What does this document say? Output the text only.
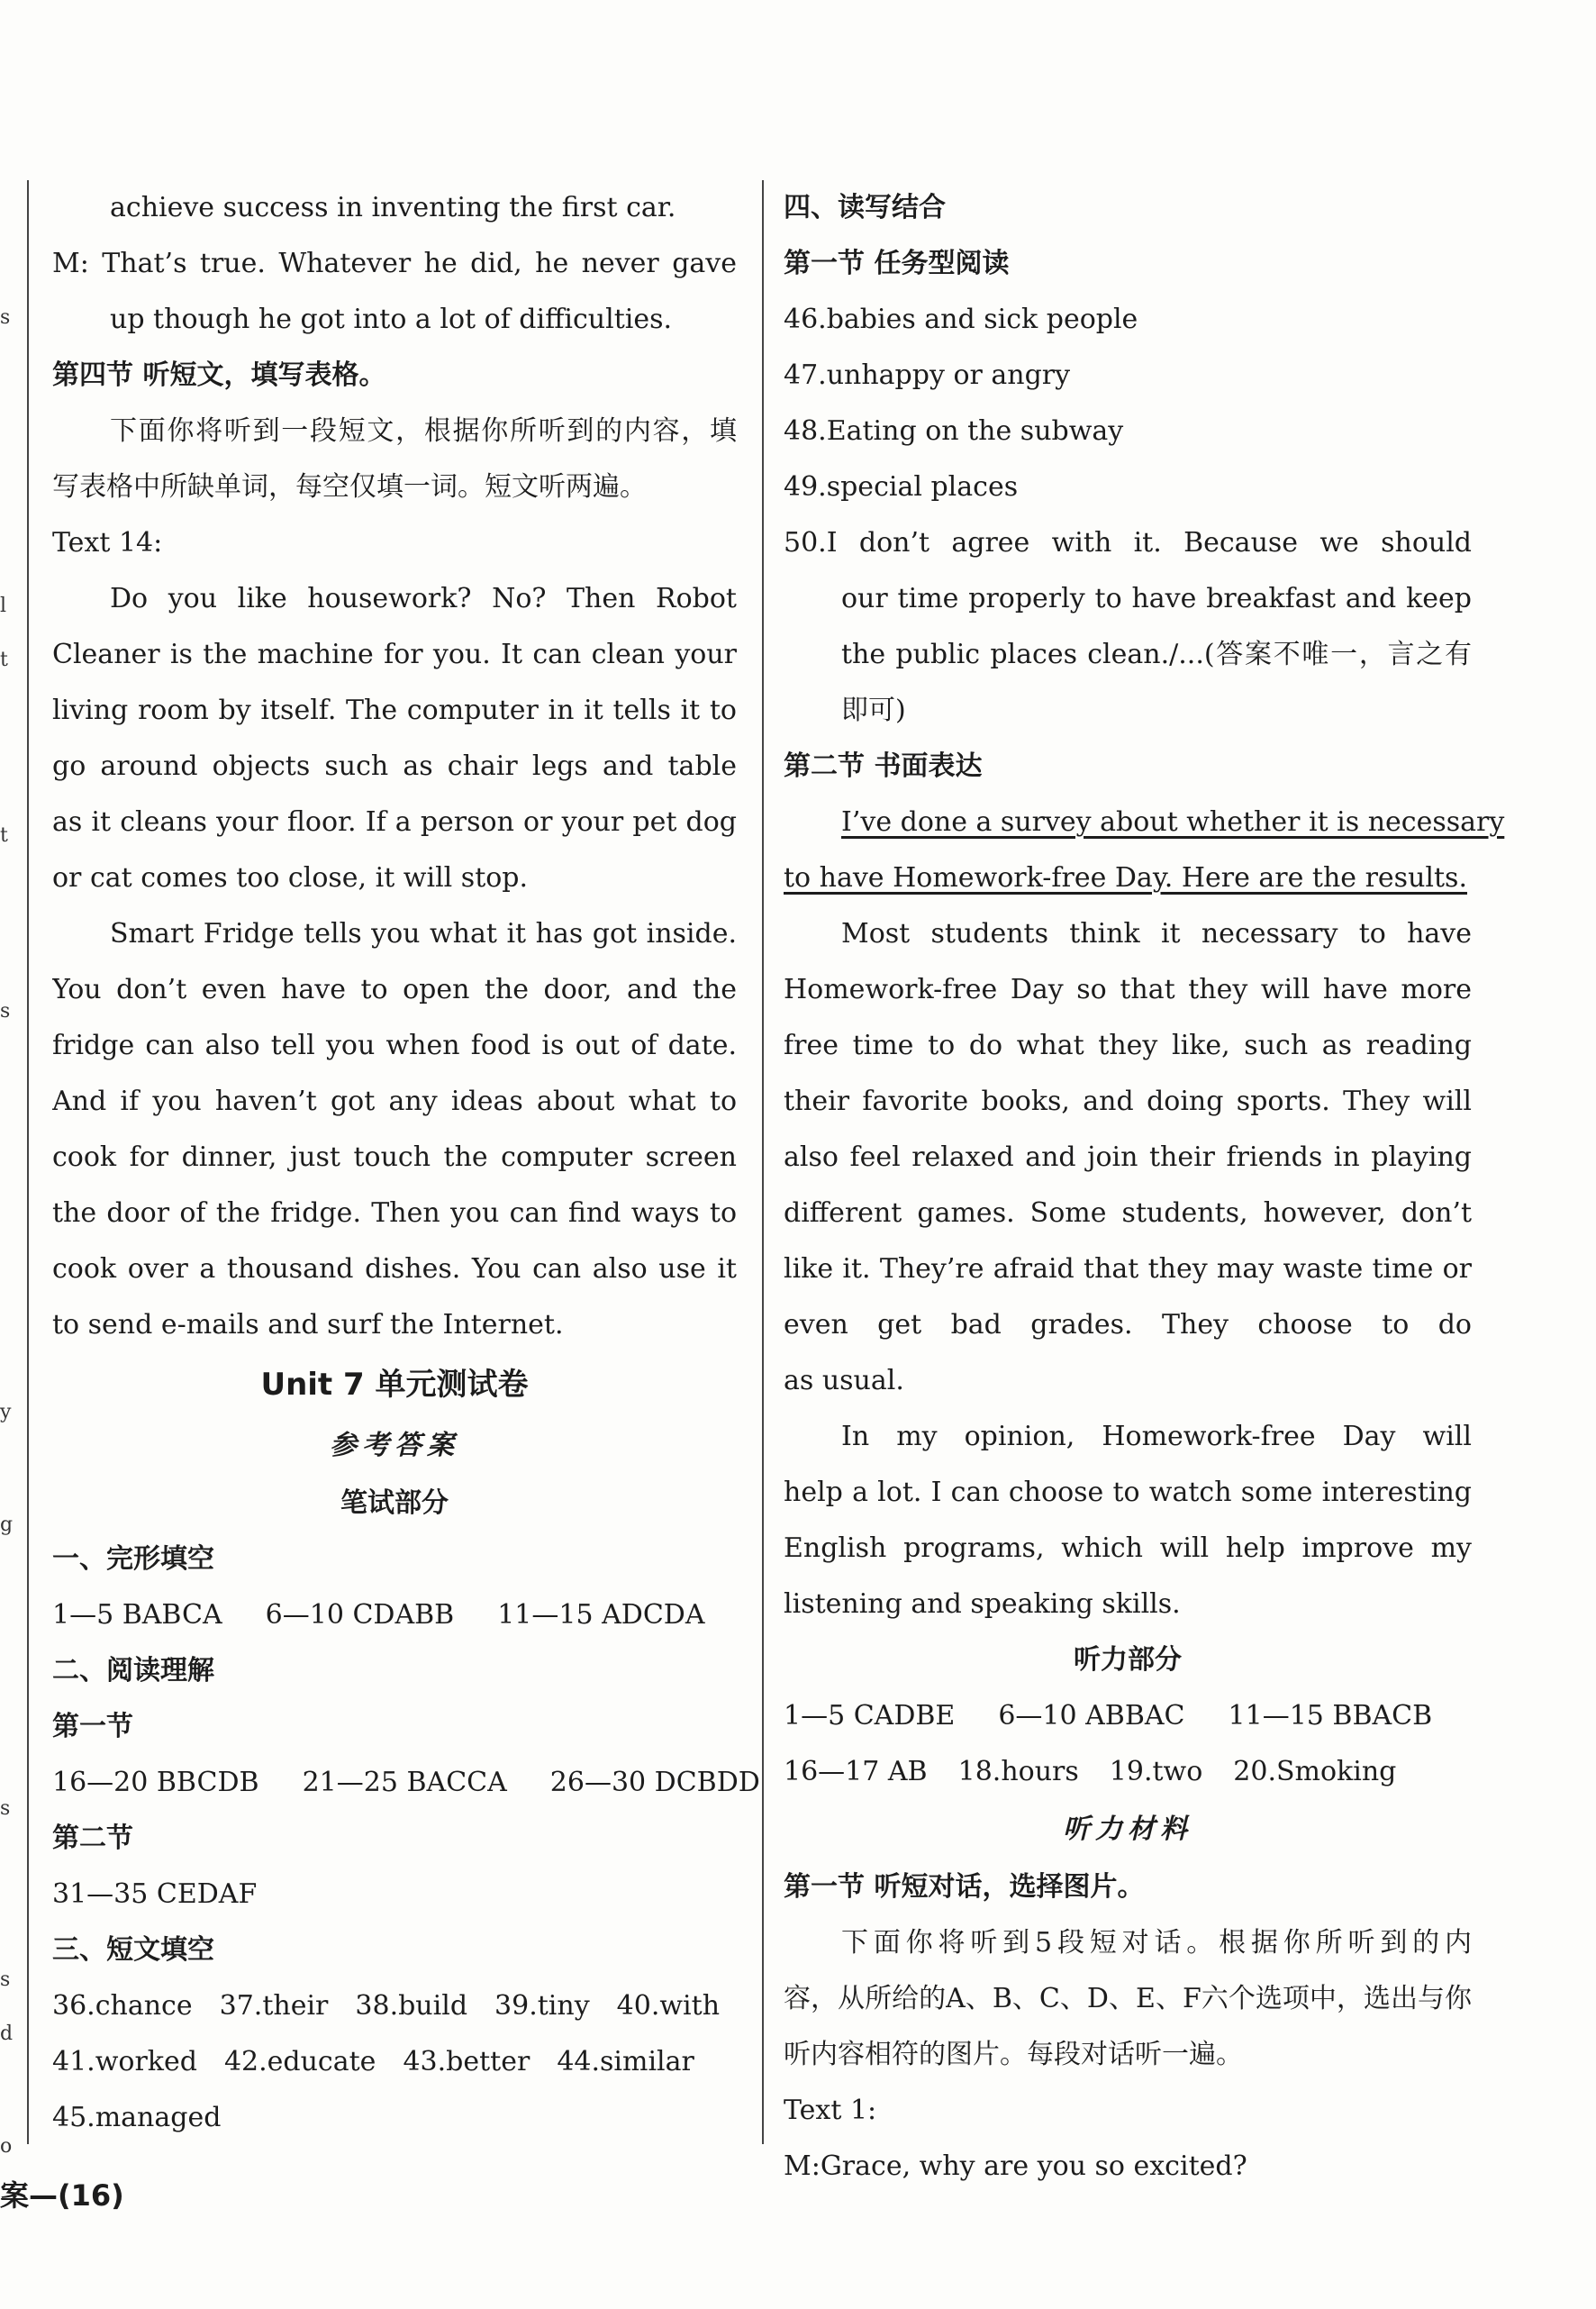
s
l
t
t
s
y
g
s
s
d
o
achieve success in inventing the first car.
M: That’s true. Whatever he did, he never gave
up though he got into a lot of difficulties.
第四节 听短文，填写表格。
下面你将听到一段短文，根据你所听到的内容，填
写表格中所缺单词，每空仅填一词。短文听两遍。
Text 14:
Do you like housework? No? Then Robot
Cleaner is the machine for you. It can clean your
living room by itself. The computer in it tells it to
go around objects such as chair legs and table
as it cleans your floor. If a person or your pet dog
or cat comes too close, it will stop.
Smart Fridge tells you what it has got inside.
You don’t even have to open the door, and the
fridge can also tell you when food is out of date.
And if you haven’t got any ideas about what to
cook for dinner, just touch the computer screen
the door of the fridge. Then you can find ways to
cook over a thousand dishes. You can also use it
to send e-mails and surf the Internet.
Unit 7 单元测试卷
参考答案
笔试部分
一、完形填空
1—5 BABCA 6—10 CDABB 11—15 ADCDA
二、阅读理解
第一节
16—20 BBCDB 21—25 BACCA 26—30 DCBDD
第二节
31—35 CEDAF
三、短文填空
36.chance 37.their 38.build 39.tiny 40.with
41.worked 42.educate 43.better 44.similar
45.managed
四、读写结合
第一节 任务型阅读
46.babies and sick people
47.unhappy or angry
48.Eating on the subway
49.special places
50.I don’t agree with it. Because we should
our time properly to have breakfast and keep
the public places clean./...(答案不唯一，言之有
即可)
第二节 书面表达
I’ve done a survey about whether it is necessary
to have Homework-free Day. Here are the results.
Most students think it necessary to have
Homework-free Day so that they will have more
free time to do what they like, such as reading
their favorite books, and doing sports. They will
also feel relaxed and join their friends in playing
different games. Some students, however, don’t
like it. They’re afraid that they may waste time or
even get bad grades. They choose to do
as usual.
In my opinion, Homework-free Day will
help a lot. I can choose to watch some interesting
English programs, which will help improve my
listening and speaking skills.
听力部分
1—5 CADBE 6—10 ABBAC 11—15 BBACB
16—17 AB 18.hours 19.two 20.Smoking
听力材料
第一节 听短对话，选择图片。
下面你将听到5段短对话。根据你所听到的内
容，从所给的A、B、C、D、E、F六个选项中，选出与你
听内容相符的图片。每段对话听一遍。
Text 1:
M:Grace, why are you so excited?
案—(16)
